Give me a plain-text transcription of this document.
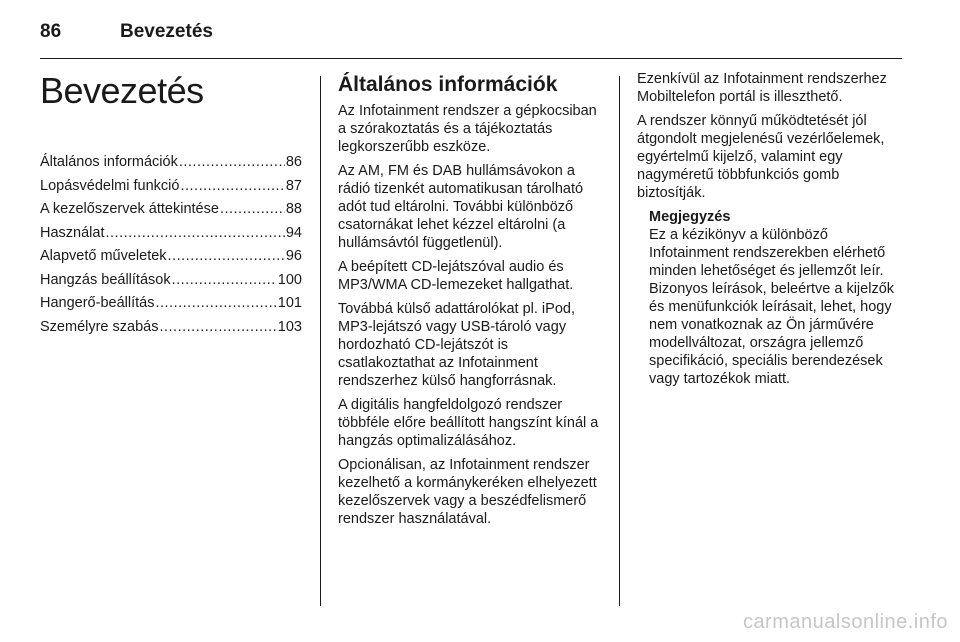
86	Bevezetés
Bevezetés
Általános információk .....	86
Lopásvédelmi funkció .....	87
A kezelőszervek áttekintése .....	88
Használat .....	94
Alapvető műveletek .....	96
Hangzás beállítások .....	100
Hangerő-beállítás .....	101
Személyre szabás .....	103
Általános információk

Az Infotainment rendszer a gépkocsiban a szórakoztatás és a tájékoztatás legkorszerűbb eszköze.

Az AM, FM és DAB hullámsávokon a rádió tizenkét automatikusan tárolható adót tud eltárolni. További különböző csatornákat lehet kézzel eltárolni (a hullámsávtól függetlenül).

A beépített CD-lejátszóval audio és MP3/WMA CD-lemezeket hallgathat.

Továbbá külső adattárolókat pl. iPod, MP3-lejátszó vagy USB-tároló vagy hordozható CD-lejátszót is csatlakoztathat az Infotainment rendszerhez külső hangforrásnak.

A digitális hangfeldolgozó rendszer többféle előre beállított hangszínt kínál a hangzás optimalizálásához.

Opcionálisan, az Infotainment rendszer kezelhető a kormánykeréken elhelyezett kezelőszervek vagy a beszédfelismerő rendszer használatával.

Ezenkívül az Infotainment rendszerhez Mobiltelefon portál is illeszthető.

A rendszer könnyű működtetését jól átgondolt megjelenésű vezérlőelemek, egyértelmű kijelző, valamint egy nagyméretű többfunkciós gomb biztosítják.

Megjegyzés

Ez a kézikönyv a különböző Infotainment rendszerekben elérhető minden lehetőséget és jellemzőt leír. Bizonyos leírások, beleértve a kijelzők és menüfunkciók leírásait, lehet, hogy nem vonatkoznak az Ön járművére modellváltozat, országra jellemző specifikáció, speciális berendezések vagy tartozékok miatt.

carmanualsonline.info
